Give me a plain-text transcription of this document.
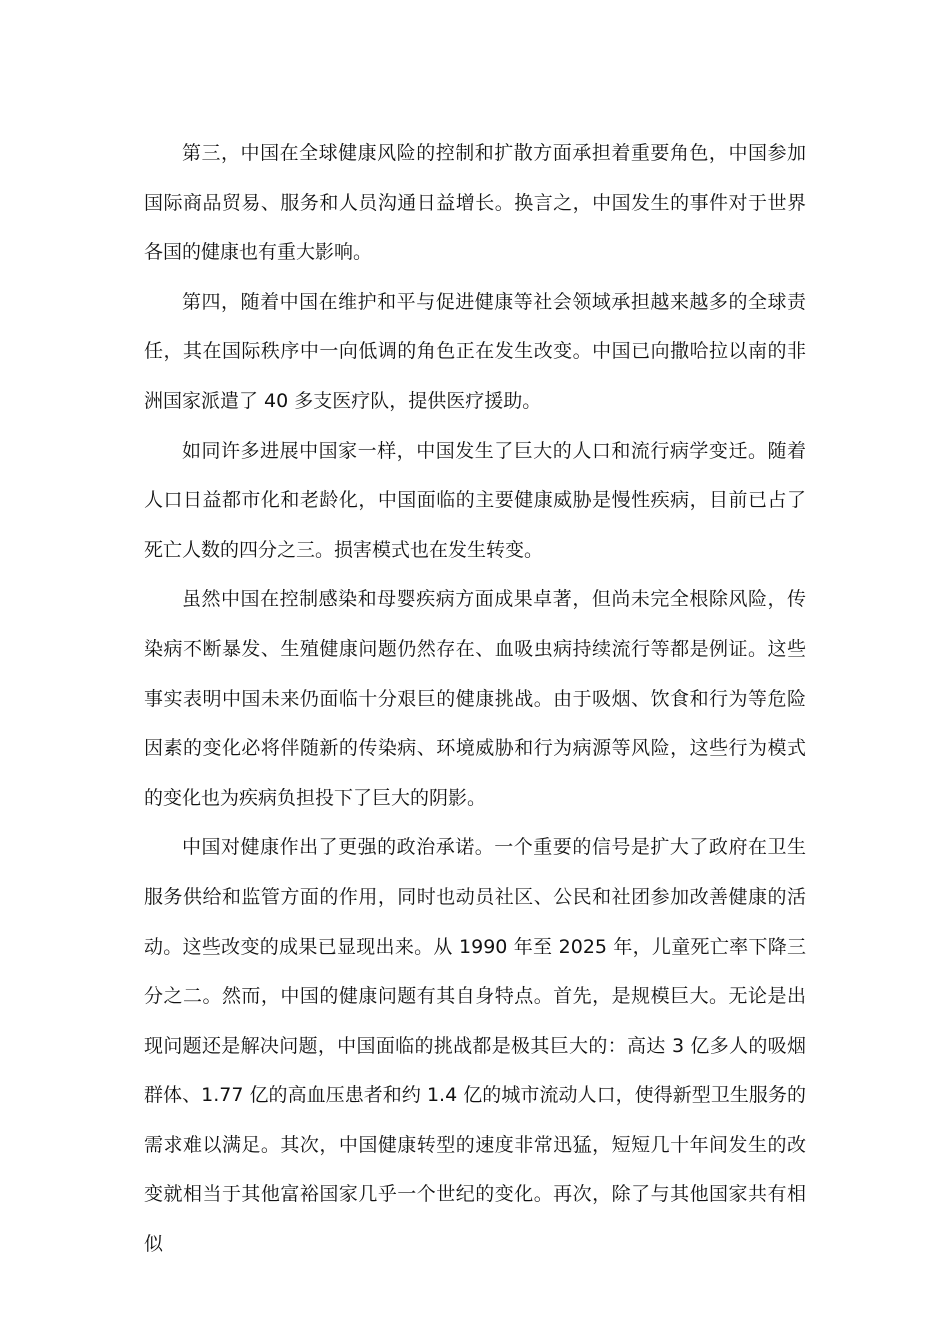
第三，中国在全球健康风险的控制和扩散方面承担着重要角色，中国参加国际商品贸易、服务和人员沟通日益增长。换言之，中国发生的事件对于世界各国的健康也有重大影响。

第四，随着中国在维护和平与促进健康等社会领域承担越来越多的全球责任，其在国际秩序中一向低调的角色正在发生改变。中国已向撒哈拉以南的非洲国家派遣了 40 多支医疗队，提供医疗援助。

如同许多进展中国家一样，中国发生了巨大的人口和流行病学变迁。随着人口日益都市化和老龄化，中国面临的主要健康威胁是慢性疾病，目前已占了死亡人数的四分之三。损害模式也在发生转变。

虽然中国在控制感染和母婴疾病方面成果卓著，但尚未完全根除风险，传染病不断暴发、生殖健康问题仍然存在、血吸虫病持续流行等都是例证。这些事实表明中国未来仍面临十分艰巨的健康挑战。由于吸烟、饮食和行为等危险因素的变化必将伴随新的传染病、环境威胁和行为病源等风险，这些行为模式的变化也为疾病负担投下了巨大的阴影。

中国对健康作出了更强的政治承诺。一个重要的信号是扩大了政府在卫生服务供给和监管方面的作用，同时也动员社区、公民和社团参加改善健康的活动。这些改变的成果已显现出来。从 1990 年至 2025 年，儿童死亡率下降三分之二。然而，中国的健康问题有其自身特点。首先，是规模巨大。无论是出现问题还是解决问题，中国面临的挑战都是极其巨大的：高达 3 亿多人的吸烟群体、1.77 亿的高血压患者和约 1.4 亿的城市流动人口，使得新型卫生服务的需求难以满足。其次，中国健康转型的速度非常迅猛，短短几十年间发生的改变就相当于其他富裕国家几乎一个世纪的变化。再次，除了与其他国家共有相似
